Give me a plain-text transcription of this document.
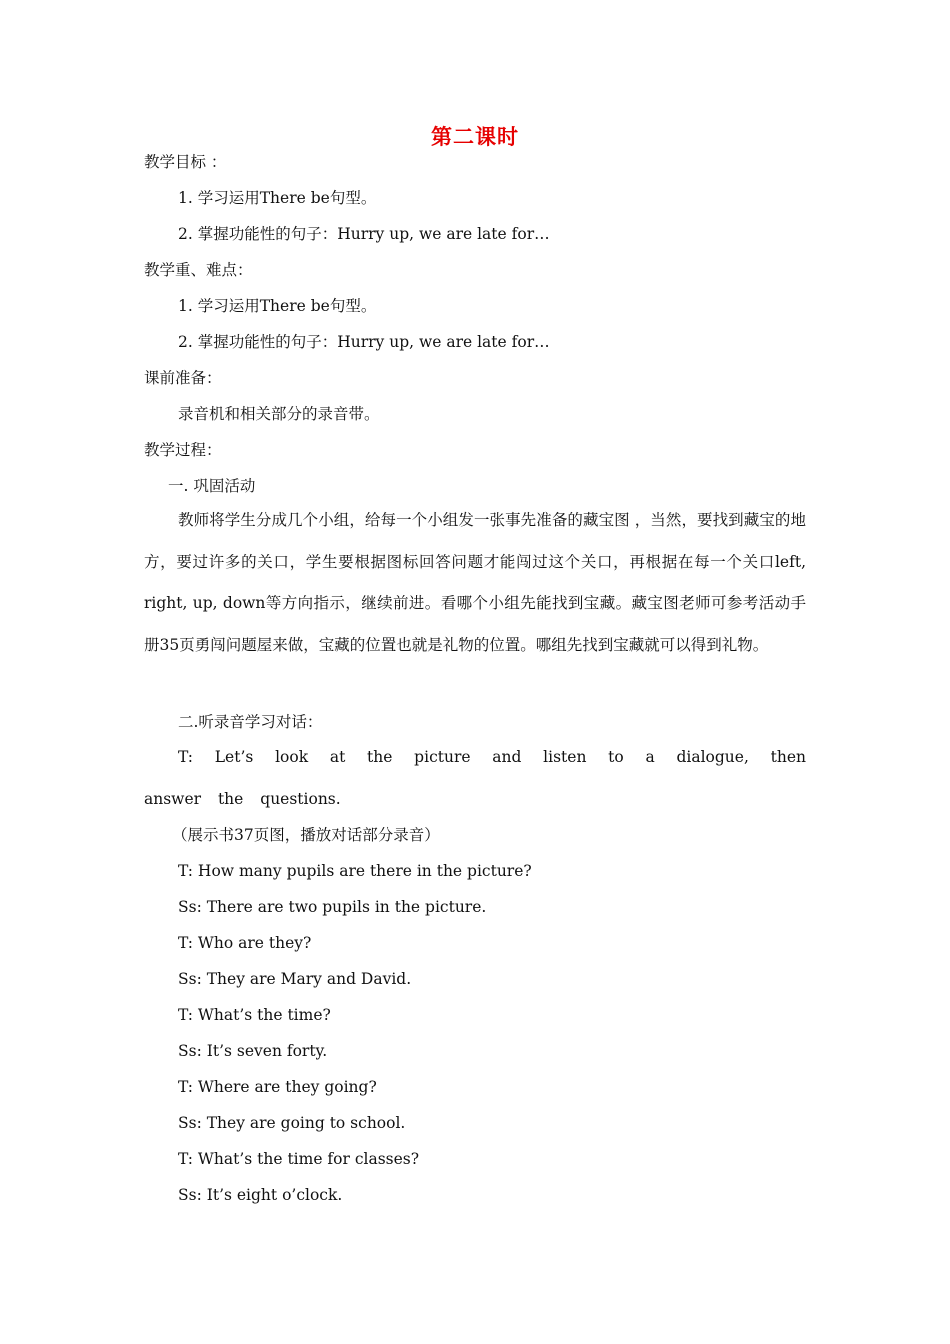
第二课时
教学目标 ：
1. 学习运用There be句型。
2. 掌握功能性的句子：Hurry up, we are late for…
教学重、难点：
1. 学习运用There be句型。
2. 掌握功能性的句子：Hurry up, we are late for…
课前准备：
录音机和相关部分的录音带。
教学过程：
一. 巩固活动
教师将学生分成几个小组，给每一个小组发一张事先准备的藏宝图 ，当然，要找到藏宝的地方，要过许多的关口，学生要根据图标回答问题才能闯过这个关口，再根据在每一个关口left, right, up, down等方向指示，继续前进。看哪个小组先能找到宝藏。藏宝图老师可参考活动手册35页勇闯问题屋来做，宝藏的位置也就是礼物的位置。哪组先找到宝藏就可以得到礼物。
二.听录音学习对话：
T: Let’s look at the picture and listen to a dialogue, then answer the questions.
（展示书37页图，播放对话部分录音）
T: How many pupils are there in the picture?
Ss: There are two pupils in the picture.
T: Who are they?
Ss: They are Mary and David.
T: What’s the time?
Ss: It’s seven forty.
T: Where are they going?
Ss: They are going to school.
T: What’s the time for classes?
Ss: It’s eight o’clock.
